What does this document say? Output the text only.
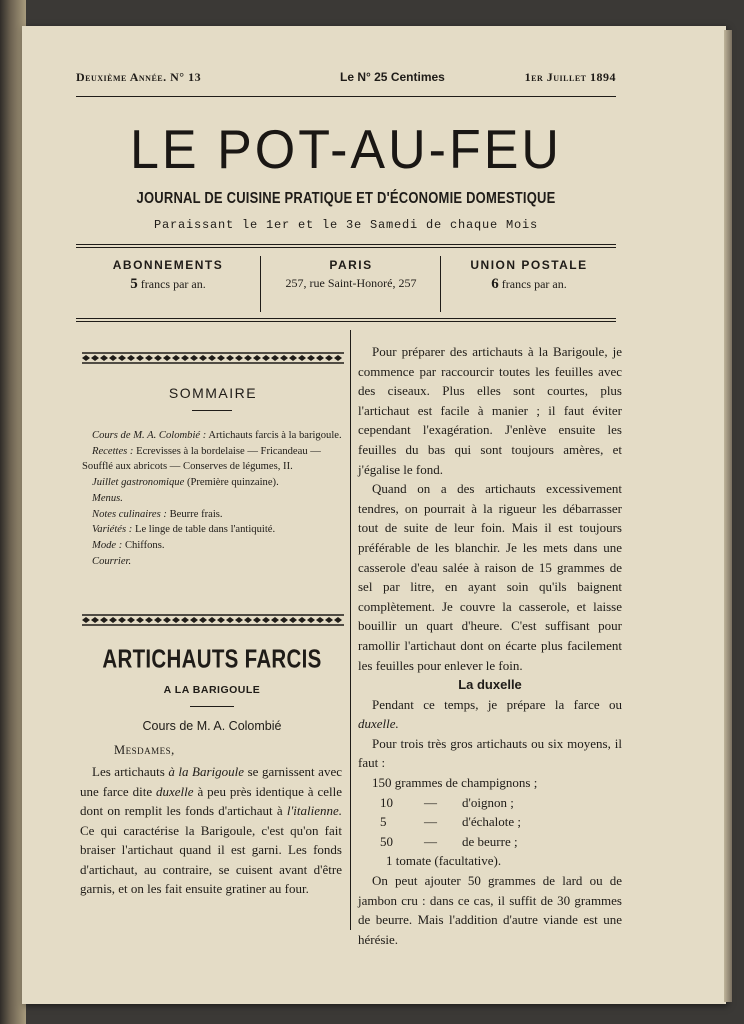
Deuxième Année. N° 13	Le N° 25 Centimes	1er Juillet 1894
LE POT-AU-FEU
JOURNAL DE CUISINE PRATIQUE ET D'ÉCONOMIE DOMESTIQUE
Paraissant le 1er et le 3e Samedi de chaque Mois
ABONNEMENTS
5 francs par an.
PARIS
257, rue Saint-Honoré, 257
UNION POSTALE
6 francs par an.
SOMMAIRE
Cours de M. A. Colombié : Artichauts farcis à la barigoule.
Recettes : Ecrevisses à la bordelaise — Fricandeau — Soufflé aux abricots — Conserves de légumes, II.
Juillet gastronomique (Première quinzaine).
Menus.
Notes culinaires : Beurre frais.
Variétés : Le linge de table dans l'antiquité.
Mode : Chiffons.
Courrier.
ARTICHAUTS FARCIS
A LA BARIGOULE
Cours de M. A. Colombié
Mesdames,

Les artichauts à la Barigoule se garnissent avec une farce dite duxelle à peu près identique à celle dont on remplit les fonds d'artichaut à l'italienne. Ce qui caractérise la Barigoule, c'est qu'on fait braiser l'artichaut quand il est garni. Les fonds d'artichaut, au contraire, se cuisent avant d'être garnis, et on les fait ensuite gratiner au four.

Pour préparer des artichauts à la Barigoule, je commence par raccourcir toutes les feuilles avec des ciseaux. Plus elles sont courtes, plus l'artichaut est facile à manier ; il faut éviter cependant l'exagération. J'enlève ensuite les feuilles du bas qui sont toujours amères, et j'égalise le fond.

Quand on a des artichauts excessivement tendres, on pourrait à la rigueur les débarrasser tout de suite de leur foin. Mais il est toujours préférable de les blanchir. Je les mets dans une casserole d'eau salée à raison de 15 grammes de sel par litre, en ayant soin qu'ils baignent complètement. Je couvre la casserole, et laisse bouillir un quart d'heure. C'est suffisant pour ramollir l'artichaut dont on écarte plus facilement les feuilles pour enlever le foin.

La duxelle

Pendant ce temps, je prépare la farce ou duxelle.

Pour trois très gros artichauts ou six moyens, il faut :

150 grammes de champignons ;
10 — d'oignon ;
5	— d'échalote ;
50 — de beurre ;
1 tomate (facultative).

On peut ajouter 50 grammes de lard ou de jambon cru : dans ce cas, il suffit de 30 grammes de beurre. Mais l'addition d'autre viande est une hérésie.
